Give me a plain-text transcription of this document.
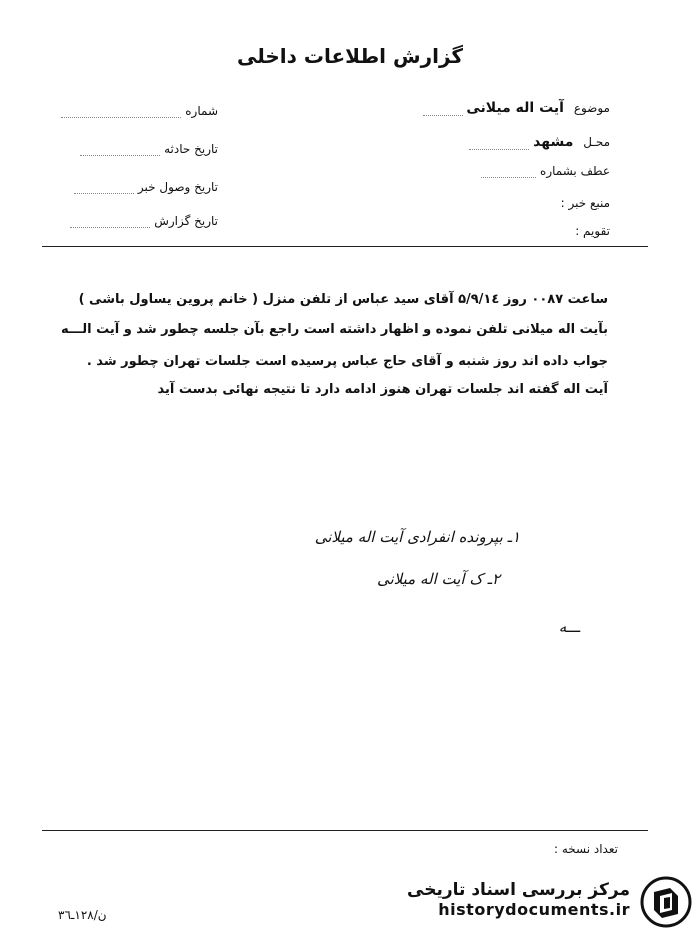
گزارش اطلاعات داخلی
موضوع آیت اله میلانی
محـل مشهد
عطف بشماره
منبع خبر :
تقویم :
شماره
تاریخ حادثه
تاریخ وصول خبر
تاریخ گزارش
ساعت ۰۰۸۷ روز ۵/۹/۱٤ آقای سید عباس از تلفن منزل ( خانم پروین یساول باشی )
بآیت اله میلانی تلفن نموده و اظهار داشته است راجع بآن جلسه چطور شد و آیت الـــه
جواب داده اند روز شنبه و آقای حاج عباس پرسیده است جلسات تهران چطور شد .
آیت اله گفته اند جلسات تهران هنوز ادامه دارد تا نتیجه نهائی بدست آید
۱ـ بپرونده انفرادی آیت اله میلانی
۲ـ ک آیت اله میلانی
ـــه
تعداد نسخه :
ن/۱۲۸ـ۳٦
مرکز بررسی اسناد تاریخی
historydocuments.ir
